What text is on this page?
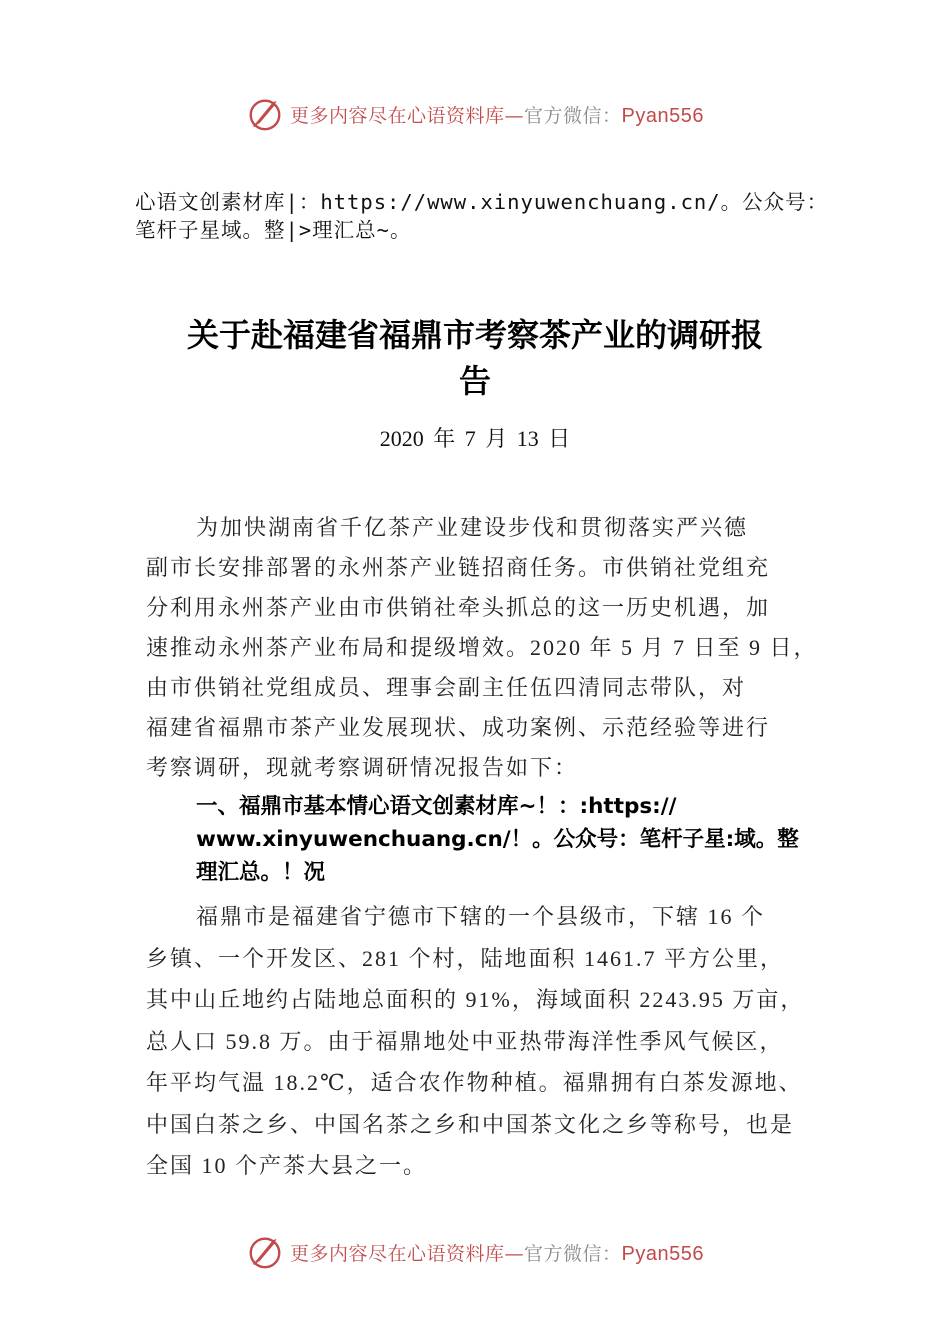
更多内容尽在心语资料库—官方微信：Pyan556
心语文创素材库|：https://www.xinyuwenchuang.cn/。公众号：
笔杆子星域。整|>理汇总~。
关于赴福建省福鼎市考察茶产业的调研报
告
2020 年 7 月 13 日
为加快湖南省千亿茶产业建设步伐和贯彻落实严兴德
副市长安排部署的永州茶产业链招商任务。市供销社党组充
分利用永州茶产业由市供销社牵头抓总的这一历史机遇，加
速推动永州茶产业布局和提级增效。2020 年 5 月 7 日至 9 日，
由市供销社党组成员、理事会副主任伍四清同志带队，对
福建省福鼎市茶产业发展现状、成功案例、示范经验等进行
考察调研，现就考察调研情况报告如下：
一、福鼎市基本情心语文创素材库~！：:https://
www.xinyuwenchuang.cn/！。公众号：笔杆子星:域。整
理汇总。！况
福鼎市是福建省宁德市下辖的一个县级市，下辖 16 个
乡镇、一个开发区、281 个村，陆地面积 1461.7 平方公里，
其中山丘地约占陆地总面积的 91%，海域面积 2243.95 万亩，
总人口 59.8 万。由于福鼎地处中亚热带海洋性季风气候区，
年平均气温 18.2℃，适合农作物种植。福鼎拥有白茶发源地、
中国白茶之乡、中国名茶之乡和中国茶文化之乡等称号，也是
全国 10 个产茶大县之一。
更多内容尽在心语资料库—官方微信：Pyan556
